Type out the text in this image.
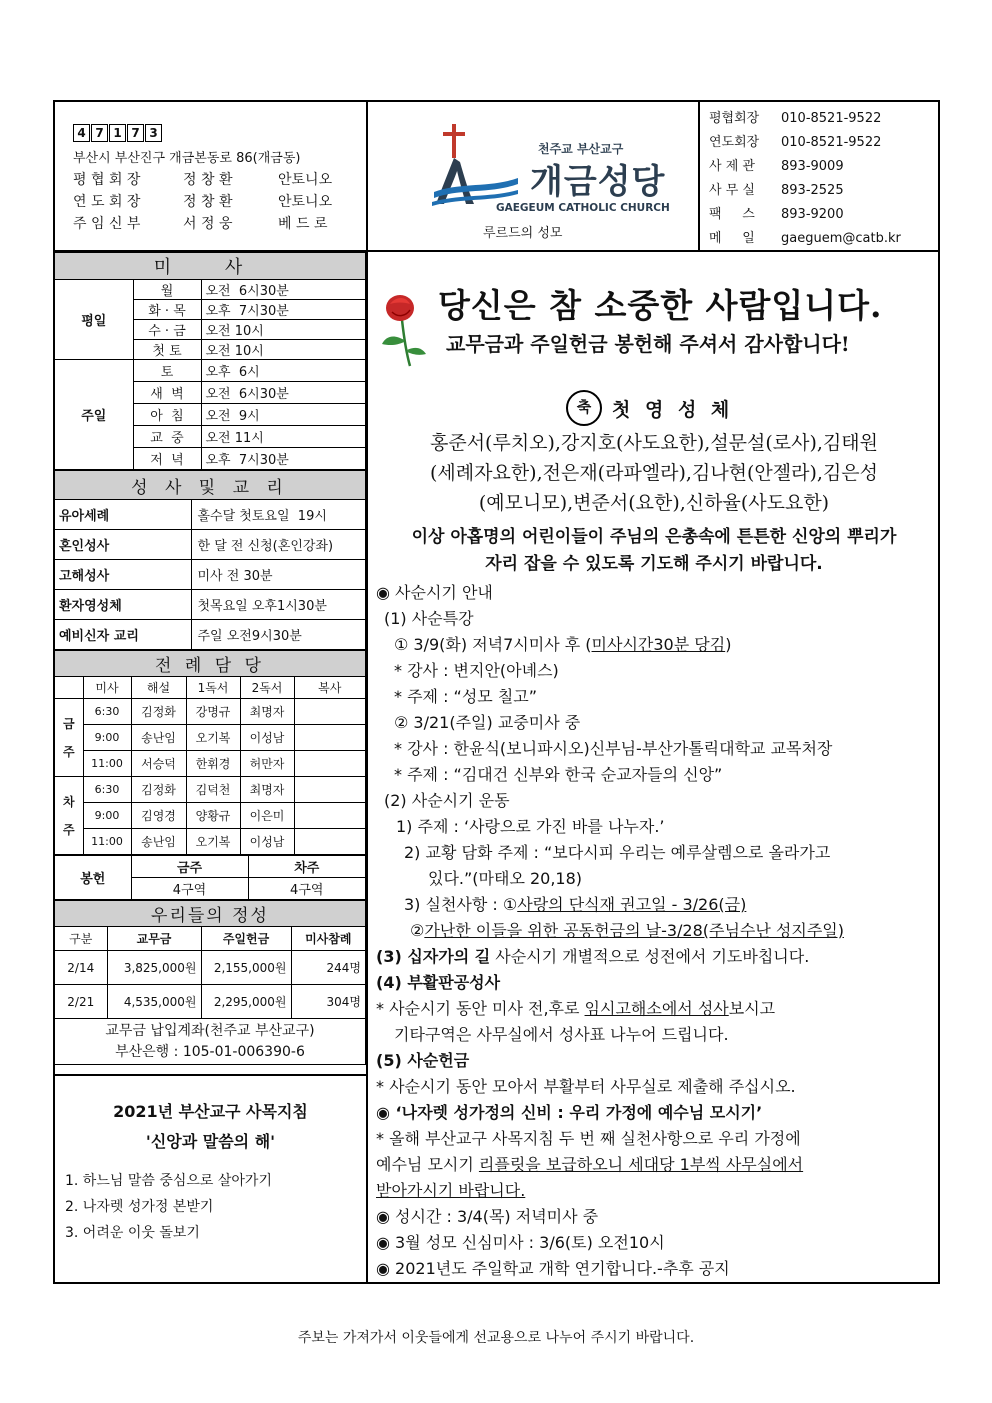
4 7 1 7 3
부산시 부산진구 개금본동로 86(개금동)
평 협 회 장	정 창 환	안토니오
연 도 회 장	정 창 환	안토니오
주 임 신 부	서 정 웅	베 드 로
천주교 부산교구
개금성당
GAEGEUM CATHOLIC CHURCH
루르드의 성모
평협회장	010-8521-9522
연도회장	010-8521-9522
사 제 관	893-9009
사 무 실	893-2525
팩     스	893-9200
메     일	gaeguem@catb.kr
미 사		
평일	월	오전  6시30분
	화 · 목	오후  7시30분
	수 · 금	오전 10시
	첫 토	오전 10시
주일	토	오후  6시
	새  벽	오전  6시30분
	아  침	오전  9시
	교  중	오전 11시
	저  녁	오후  7시30분
성 사 및 교 리	
유아세례	홀수달 첫토요일  19시
혼인성사	한 달 전 신청(혼인강좌)
고해성사	미사 전 30분
환자영성체	첫목요일 오후1시30분
예비신자 교리	주일 오전9시30분
전 례 담 당					
	미사	해설	1독서	2독서	복사
금
주	6:30	김정화	강명규	최명자	
	9:00	송난임	오기복	이성남	
	11:00	서승덕	한휘경	허만자	
차
주	6:30	김정화	김덕천	최명자	
	9:00	김영경	양황규	이은미	
	11:00	송난임	오기복	이성남	
봉헌	금주	차주
	4구역	4구역
우리들의 정성			
구분	교무금	주일헌금	미사참례
2/14	3,825,000원	2,155,000원	244명
2/21	4,535,000원	2,295,000원	304명

교무금 납입계좌(천주교 부산교구)
부산은행 : 105-01-006390-6			
2021년 부산교구 사목지침
'신앙과 말씀의 해'
1. 하느님 말씀 중심으로 살아가기
2. 나자렛 성가정 본받기
3. 어려운 이웃 돌보기
당신은 참 소중한 사람입니다.
교무금과 주일헌금 봉헌해 주셔서 감사합니다!
축	첫 영 성 체
홍준서(루치오),강지호(사도요한),설문설(로사),김태원
(세례자요한),전은재(라파엘라),김나현(안젤라),김은성
(예모니모),변준서(요한),신하율(사도요한)
이상 아홉명의 어린이들이 주님의 은총속에 튼튼한 신앙의 뿌리가
자리 잡을 수 있도록 기도해 주시기 바랍니다.
◉ 사순시기 안내
(1) 사순특강
① 3/9(화) 저녁7시미사 후 (미사시간30분 당김)
* 강사 : 변지안(아녜스)
* 주제 : “성모 칠고”
② 3/21(주일) 교중미사 중
* 강사 : 한윤식(보니파시오)신부님-부산가톨릭대학교 교목처장
* 주제 : “김대건 신부와 한국 순교자들의 신앙”
(2) 사순시기 운동
1) 주제 : ‘사랑으로 가진 바를 나누자.’
2) 교황 담화 주제 : “보다시피 우리는 예루살렘으로 올라가고
있다.”(마태오 20,18)
3) 실천사항 : ①사랑의 단식재 권고일 - 3/26(금)
②가난한 이들을 위한 공동헌금의 날-3/28(주님수난 성지주일)
(3) 십자가의 길 사순시기 개별적으로 성전에서 기도바칩니다.
(4) 부활판공성사
* 사순시기 동안 미사 전,후로 임시고해소에서 성사보시고
기타구역은 사무실에서 성사표 나누어 드립니다.
(5) 사순헌금
* 사순시기 동안 모아서 부활부터 사무실로 제출해 주십시오.
◉ ‘나자렛 성가정의 신비 : 우리 가정에 예수님 모시기’
* 올해 부산교구 사목지침 두 번 째 실천사항으로 우리 가정에
예수님 모시기 리플릿을 보급하오니 세대당 1부씩 사무실에서
받아가시기 바랍니다.
◉ 성시간 : 3/4(목) 저녁미사 중
◉ 3월 성모 신심미사 : 3/6(토) 오전10시
◉ 2021년도 주일학교 개학 연기합니다.-추후 공지
주보는 가져가서 이웃들에게 선교용으로 나누어 주시기 바랍니다.
